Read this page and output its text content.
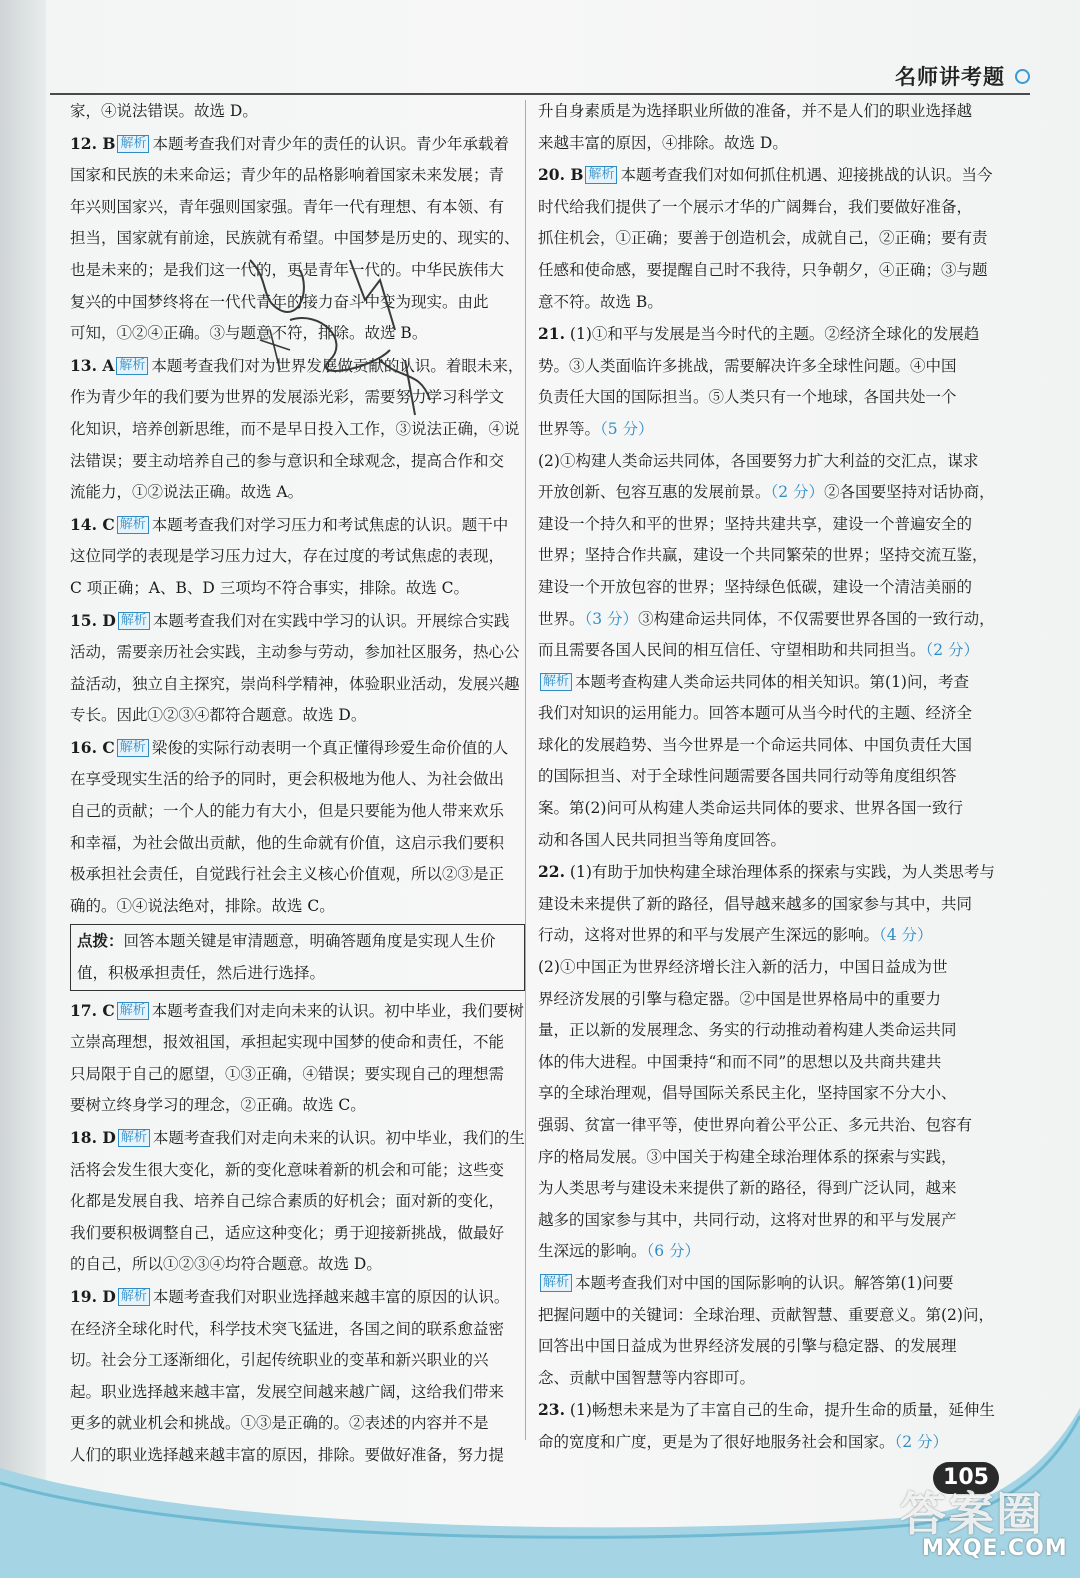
名师讲考题

家，④说法错误。故选 D。

12. B 解析 本题考查我们对青少年的责任的认识。青少年承载着

国家和民族的未来命运；青少年的品格影响着国家未来发展；青

年兴则国家兴，青年强则国家强。青年一代有理想、有本领、有

担当，国家就有前途，民族就有希望。中国梦是历史的、现实的、

也是未来的；是我们这一代的，更是青年一代的。中华民族伟大

复兴的中国梦终将在一代代青年的接力奋斗中变为现实。由此

可知，①②④正确。③与题意不符，排除。故选 B。

13. A 解析 本题考查我们对为世界发展做贡献的认识。着眼未来，

作为青少年的我们要为世界的发展添光彩，需要努力学习科学文

化知识，培养创新思维，而不是早日投入工作，③说法正确，④说

法错误；要主动培养自己的参与意识和全球观念，提高合作和交

流能力，①②说法正确。故选 A。

14. C 解析 本题考查我们对学习压力和考试焦虑的认识。题干中

这位同学的表现是学习压力过大，存在过度的考试焦虑的表现，

C 项正确；A、B、D 三项均不符合事实，排除。故选 C。

15. D 解析 本题考查我们对在实践中学习的认识。开展综合实践

活动，需要亲历社会实践，主动参与劳动，参加社区服务，热心公

益活动，独立自主探究，崇尚科学精神，体验职业活动，发展兴趣

专长。因此①②③④都符合题意。故选 D。

16. C 解析 梁俊的实际行动表明一个真正懂得珍爱生命价值的人

在享受现实生活的给予的同时，更会积极地为他人、为社会做出

自己的贡献；一个人的能力有大小，但是只要能为他人带来欢乐

和幸福，为社会做出贡献，他的生命就有价值，这启示我们要积

极承担社会责任，自觉践行社会主义核心价值观，所以②③是正

确的。①④说法绝对，排除。故选 C。

点拨：回答本题关键是审清题意，明确答题角度是实现人生价

值，积极承担责任，然后进行选择。

17. C 解析 本题考查我们对走向未来的认识。初中毕业，我们要树

立崇高理想，报效祖国，承担起实现中国梦的使命和责任，不能

只局限于自己的愿望，①③正确，④错误；要实现自己的理想需

要树立终身学习的理念，②正确。故选 C。

18. D 解析 本题考查我们对走向未来的认识。初中毕业，我们的生

活将会发生很大变化，新的变化意味着新的机会和可能；这些变

化都是发展自我、培养自己综合素质的好机会；面对新的变化，

我们要积极调整自己，适应这种变化；勇于迎接新挑战，做最好

的自己，所以①②③④均符合题意。故选 D。

19. D 解析 本题考查我们对职业选择越来越丰富的原因的认识。

在经济全球化时代，科学技术突飞猛进，各国之间的联系愈益密

切。社会分工逐渐细化，引起传统职业的变革和新兴职业的兴

起。职业选择越来越丰富，发展空间越来越广阔，这给我们带来

更多的就业机会和挑战。①③是正确的。②表述的内容并不是

人们的职业选择越来越丰富的原因，排除。要做好准备，努力提

升自身素质是为选择职业所做的准备，并不是人们的职业选择越

来越丰富的原因，④排除。故选 D。

20. B 解析 本题考查我们对如何抓住机遇、迎接挑战的认识。当今

时代给我们提供了一个展示才华的广阔舞台，我们要做好准备，

抓住机会，①正确；要善于创造机会，成就自己，②正确；要有责

任感和使命感，要提醒自己时不我待，只争朝夕，④正确；③与题

意不符。故选 B。

21. (1)①和平与发展是当今时代的主题。②经济全球化的发展趋

势。③人类面临许多挑战，需要解决许多全球性问题。④中国

负责任大国的国际担当。⑤人类只有一个地球，各国共处一个

世界等。（5 分）

(2)①构建人类命运共同体，各国要努力扩大利益的交汇点，谋求

开放创新、包容互惠的发展前景。（2 分）②各国要坚持对话协商，

建设一个持久和平的世界；坚持共建共享，建设一个普遍安全的

世界；坚持合作共赢，建设一个共同繁荣的世界；坚持交流互鉴，

建设一个开放包容的世界；坚持绿色低碳，建设一个清洁美丽的

世界。（3 分）③构建命运共同体，不仅需要世界各国的一致行动，

而且需要各国人民间的相互信任、守望相助和共同担当。（2 分）

解析 本题考查构建人类命运共同体的相关知识。第(1)问，考查

我们对知识的运用能力。回答本题可从当今时代的主题、经济全

球化的发展趋势、当今世界是一个命运共同体、中国负责任大国

的国际担当、对于全球性问题需要各国共同行动等角度组织答

案。第(2)问可从构建人类命运共同体的要求、世界各国一致行

动和各国人民共同担当等角度回答。

22. (1)有助于加快构建全球治理体系的探索与实践，为人类思考与

建设未来提供了新的路径，倡导越来越多的国家参与其中，共同

行动，这将对世界的和平与发展产生深远的影响。（4 分）

(2)①中国正为世界经济增长注入新的活力，中国日益成为世

界经济发展的引擎与稳定器。②中国是世界格局中的重要力

量，正以新的发展理念、务实的行动推动着构建人类命运共同

体的伟大进程。中国秉持“和而不同”的思想以及共商共建共

享的全球治理观，倡导国际关系民主化，坚持国家不分大小、

强弱、贫富一律平等，使世界向着公平公正、多元共治、包容有

序的格局发展。③中国关于构建全球治理体系的探索与实践，

为人类思考与建设未来提供了新的路径，得到广泛认同，越来

越多的国家参与其中，共同行动，这将对世界的和平与发展产

生深远的影响。（6 分）

解析 本题考查我们对中国的国际影响的认识。解答第(1)问要

把握问题中的关键词：全球治理、贡献智慧、重要意义。第(2)问，

回答出中国日益成为世界经济发展的引擎与稳定器、的发展理

念、贡献中国智慧等内容即可。

23. (1)畅想未来是为了丰富自己的生命，提升生命的质量，延伸生

命的宽度和广度，更是为了很好地服务社会和国家。（2 分）

105
答案圈
MXQE.COM
